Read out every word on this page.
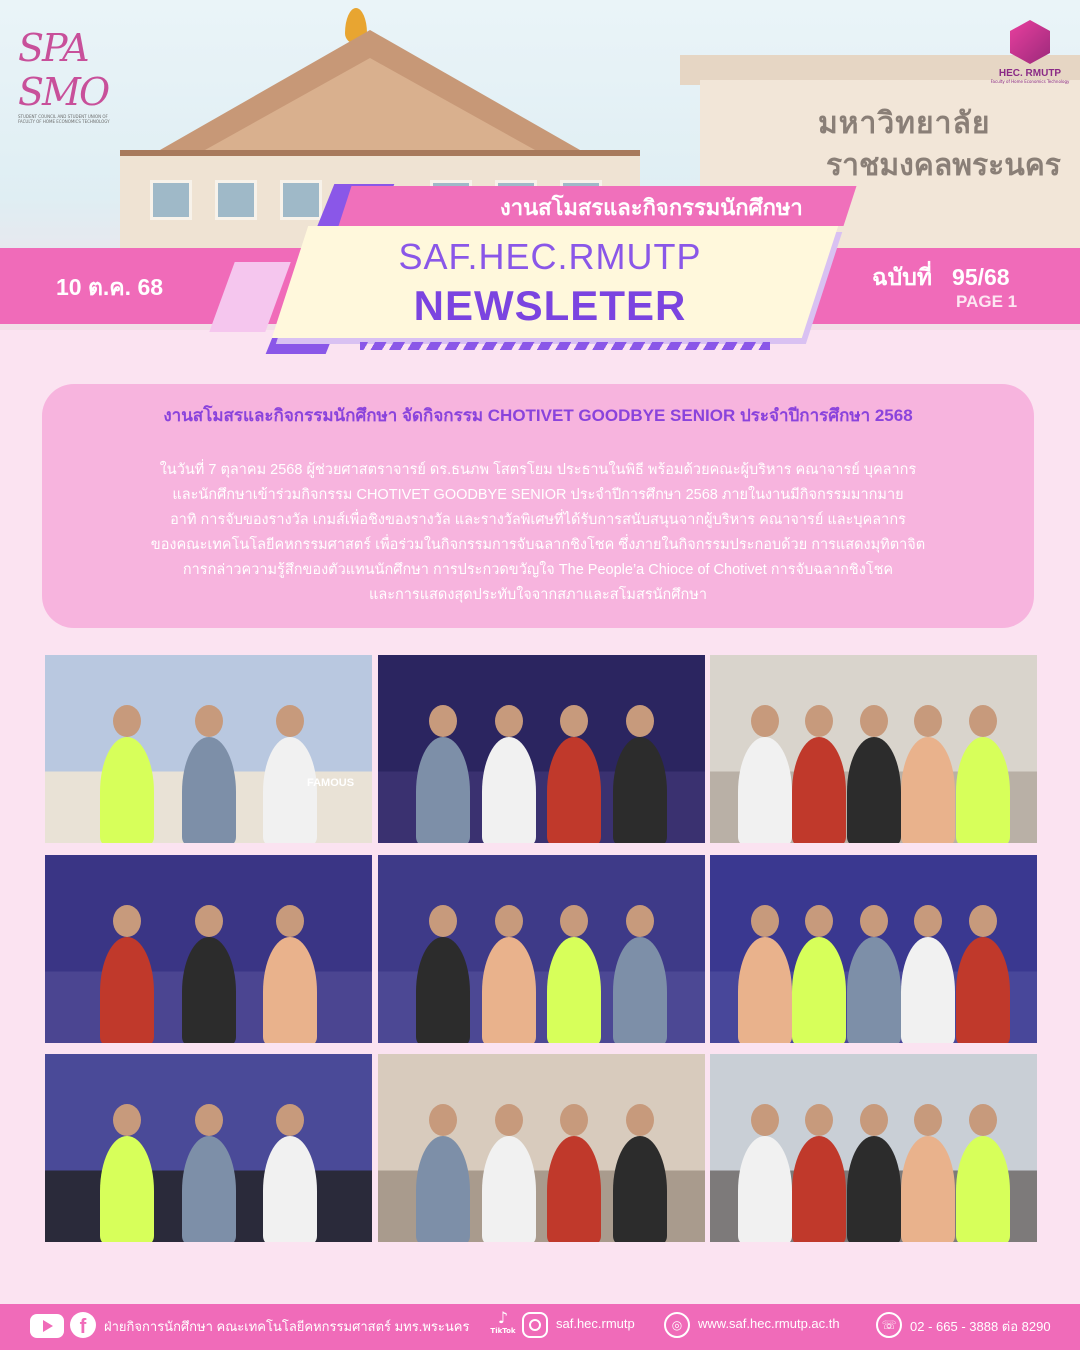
มหาวิทยาลัย
ราชมงคลพระนคร
SPA SMO
STUDENT COUNCIL AND STUDENT UNION OF FACULTY OF HOME ECONOMICS TECHNOLOGY
HEC. RMUTP
Faculty of Home Economics Technology
งานสโมสรและกิจกรรมนักศึกษา
SAF.HEC.RMUTP
NEWSLETER
10 ต.ค. 68	ฉบับที่ 95/68
PAGE 1
งานสโมสรและกิจกรรมนักศึกษา จัดกิจกรรม CHOTIVET GOODBYE SENIOR ประจำปีการศึกษา 2568
ในวันที่ 7 ตุลาคม 2568 ผู้ช่วยศาสตราจารย์ ดร.ธนภพ โสตรโยม ประธานในพิธี พร้อมด้วยคณะผู้บริหาร คณาจารย์ บุคลากร
และนักศึกษาเข้าร่วมกิจกรรม CHOTIVET GOODBYE SENIOR ประจำปีการศึกษา 2568 ภายในงานมีกิจกรรมมากมาย
อาทิ การจับของรางวัล เกมส์เพื่อชิงของรางวัล และรางวัลพิเศษที่ได้รับการสนับสนุนจากผู้บริหาร คณาจารย์ และบุคลากร
ของคณะเทคโนโลยีคหกรรมศาสตร์ เพื่อร่วมในกิจกรรมการจับฉลากชิงโชค ซึ่งภายในกิจกรรมประกอบด้วย การแสดงมุทิตาจิต
การกล่าวความรู้สึกของตัวแทนนักศึกษา การประกวดขวัญใจ The People’a Chioce of Chotivet การจับฉลากชิงโชค
และการแสดงสุดประทับใจจากสภาและสโมสรนักศึกษา
FAMOUS
f	ฝ่ายกิจการนักศึกษา คณะเทคโนโลยีคหกรรมศาสตร์ มทร.พระนคร	♪
TikTok	saf.hec.rmutp	◎	www.saf.hec.rmutp.ac.th	☏	02 - 665 - 3888 ต่อ 8290
